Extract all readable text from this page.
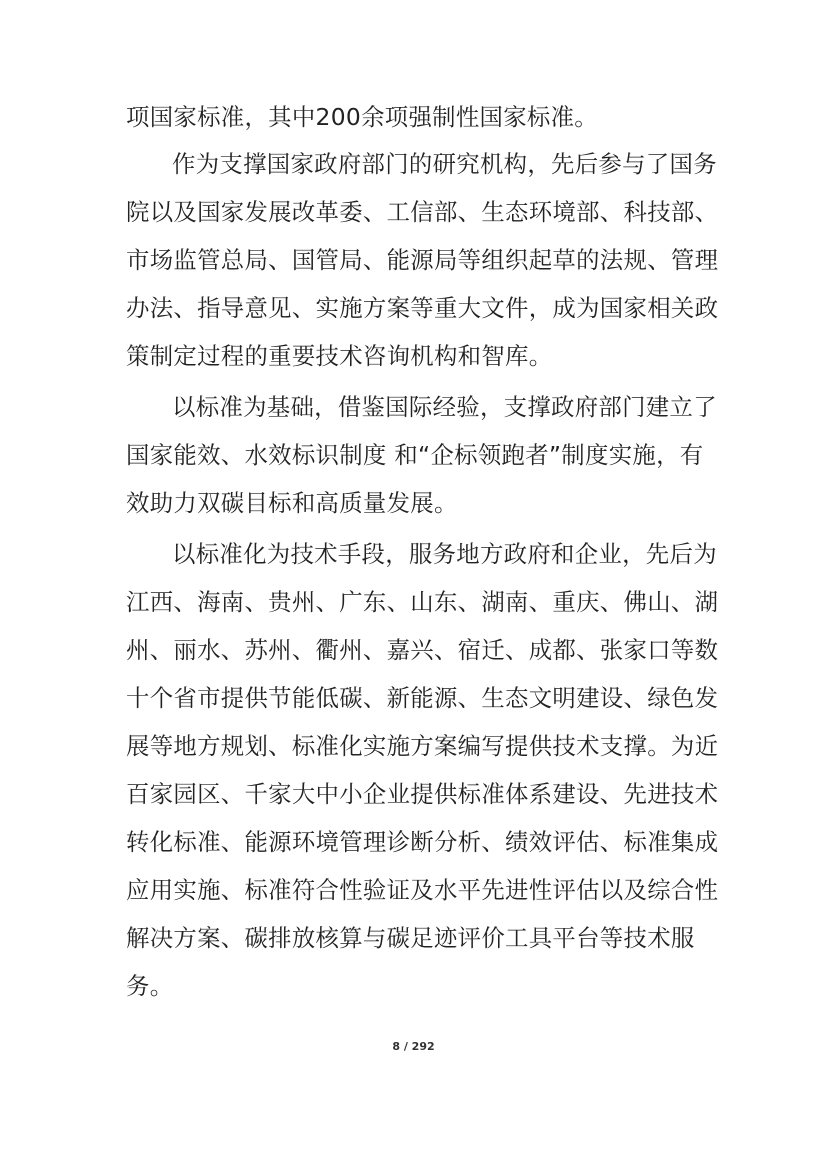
项国家标准，其中200余项强制性国家标准。
作为支撑国家政府部门的研究机构，先后参与了国务
院以及国家发展改革委、工信部、生态环境部、科技部、
市场监管总局、国管局、能源局等组织起草的法规、管理
办法、指导意见、实施方案等重大文件，成为国家相关政
策制定过程的重要技术咨询机构和智库。
以标准为基础，借鉴国际经验，支撑政府部门建立了
国家能效、水效标识制度 和“企标领跑者”制度实施，有
效助力双碳目标和高质量发展。
以标准化为技术手段，服务地方政府和企业，先后为
江西、海南、贵州、广东、山东、湖南、重庆、佛山、湖
州、丽水、苏州、衢州、嘉兴、宿迁、成都、张家口等数
十个省市提供节能低碳、新能源、生态文明建设、绿色发
展等地方规划、标准化实施方案编写提供技术支撑。为近
百家园区、千家大中小企业提供标准体系建设、先进技术
转化标准、能源环境管理诊断分析、绩效评估、标准集成
应用实施、标准符合性验证及水平先进性评估以及综合性
解决方案、碳排放核算与碳足迹评价工具平台等技术服
务。
8 / 292
